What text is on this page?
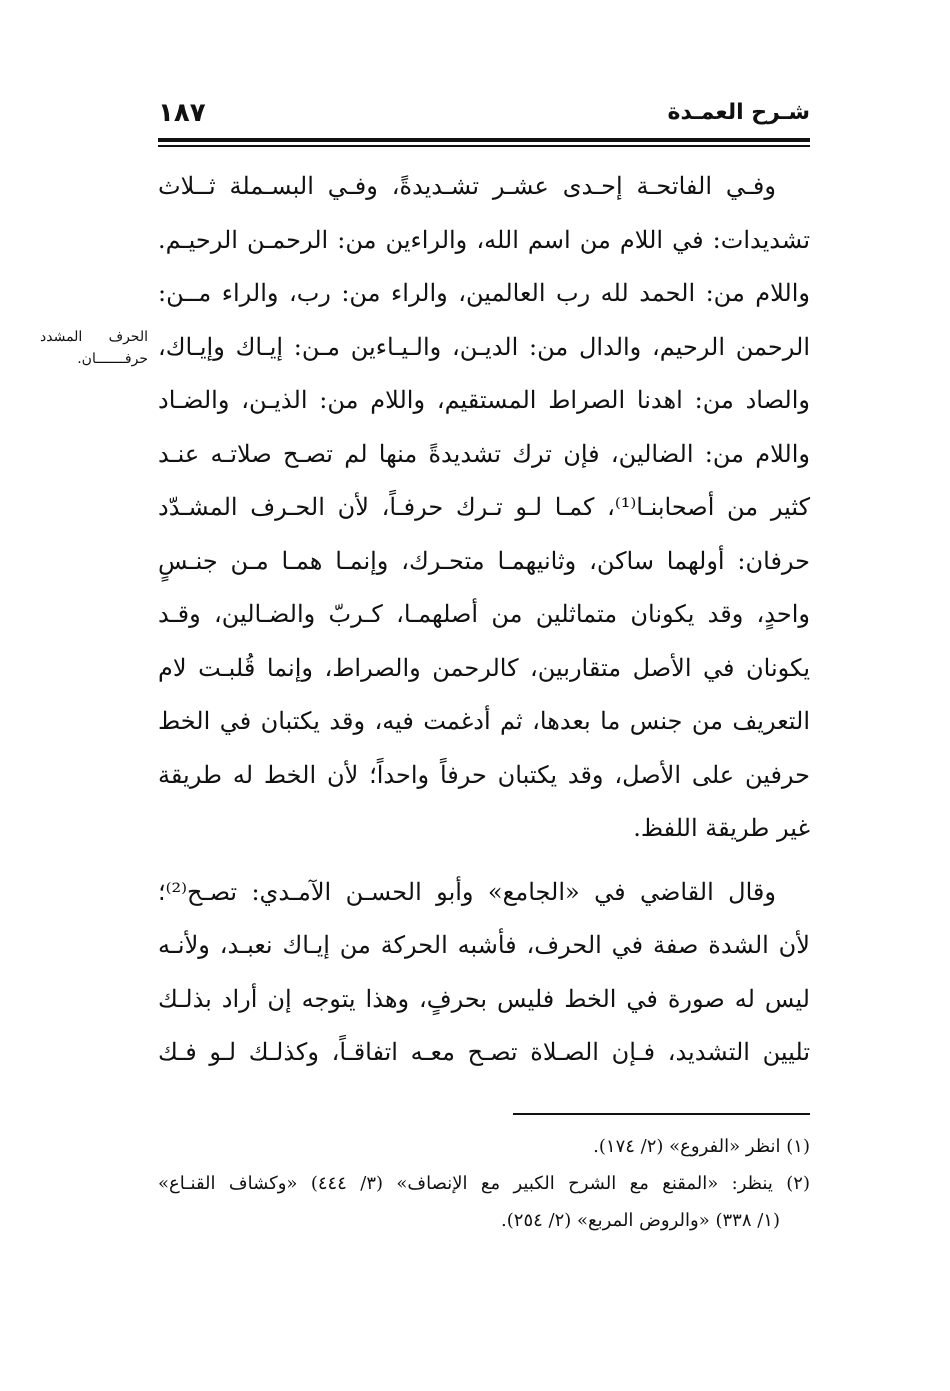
شـرح العمـدة
١٨٧
الحرف المشدد
حرفـــــــان.
وفـي الفاتحـة إحـدى عشـر تشـديدةً، وفـي البسـملة ثــلاث
تشديدات: في اللام من اسم الله، والراءين من: الرحمـن الرحيـم.
واللام من: الحمد لله رب العالمين، والراء من: رب، والراء مــن:
الرحمن الرحيم، والدال من: الديـن، والـيـاءين مـن: إيـاك وإيـاك،
والصاد من: اهدنا الصراط المستقيم، واللام من: الذيـن، والضـاد
واللام من: الضالين، فإن ترك تشديدةً منها لم تصـح صلاتـه عنـد
كثير من أصحابنـا⁽¹⁾، كمـا لـو تـرك حرفـاً، لأن الحـرف المشـدّد
حرفان: أولهما ساكن، وثانيهمـا متحـرك، وإنمـا همـا مـن جنـسٍ
واحدٍ، وقد يكونان متماثلين من أصلهمـا، كـربّ والضـالين، وقـد
يكونان في الأصل متقاربين، كالرحمن والصراط، وإنما قُلبـت لام
التعريف من جنس ما بعدها، ثم أدغمت فيه، وقد يكتبان في الخط
حرفين على الأصل، وقد يكتبان حرفاً واحداً؛ لأن الخط له طريقة
غير طريقة اللفظ.
وقال القاضي في «الجامع» وأبو الحسـن الآمـدي: تصـح⁽²⁾؛
لأن الشدة صفة في الحرف، فأشبه الحركة من إيـاك نعبـد، ولأنـه
ليس له صورة في الخط فليس بحرفٍ، وهذا يتوجه إن أراد بذلـك
تليين التشديد، فـإن الصـلاة تصـح معـه اتفاقـاً، وكذلـك لـو فـك
(١) انظر «الفروع» (٢/ ١٧٤).
(٢) ينظر: «المقنع مع الشرح الكبير مع الإنصاف» (٣/ ٤٤٤) «وكشاف القنـاع»
(١/ ٣٣٨) «والروض المربع» (٢/ ٢٥٤).
